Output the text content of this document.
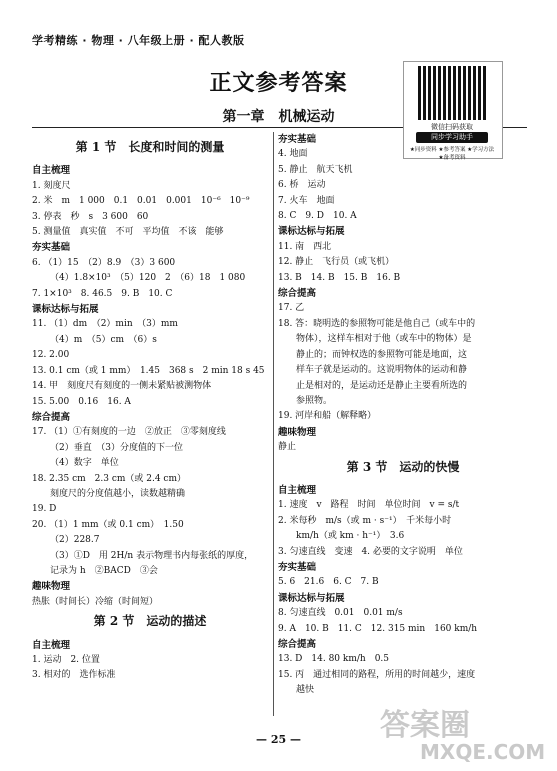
学考精练 · 物理 · 八年级上册 · 配人教版
正文参考答案
第一章　机械运动
微信扫码获取
同步学习助手
★同步资料 ★参考答案 ★学习方法 ★备考资料

第 1 节　长度和时间的测量

自主梳理

1. 刻度尺

2. 米　m　1 000　0.1　0.01　0.001　10⁻⁶　10⁻⁹

3. 停表　秒　s　3 600　60

5. 测量值　真实值　不可　平均值　不该　能够

夯实基础

6. （1）15　（2）8.9　（3）3 600

（4）1.8×10³　（5）120　2　（6）18　1 080

7. 1×10³　8. 46.5　9. B　10. C

课标达标与拓展

11. （1）dm　（2）min　（3）mm

（4）m　（5）cm　（6）s

12. 2.00

13. 0.1 cm（或 1 mm）　1.45　368 s　2 min 18 s 45

14. 甲　刻度尺有刻度的一侧未紧贴被测物体

15. 5.00　0.16　16. A

综合提高

17. （1）①有刻度的一边　②放正　③零刻度线

（2）垂直　（3）分度值的下一位

（4）数字　单位

18. 2.35 cm　2.3 cm（或 2.4 cm）

刻度尺的分度值越小，读数越精确

19. D

20. （1）1 mm（或 0.1 cm）　1.50

（2）228.7

（3）①D　用 2H/n 表示物理书内每张纸的厚度，

记录为 h　②BACD　③会

趣味物理

热胀（时间长）冷缩（时间短）

第 2 节　运动的描述

自主梳理

1. 运动　2. 位置

3. 相对的　选作标准

夯实基础

4. 地面

5. 静止　航天飞机

6. 桥　运动

7. 火车　地面

8. C　9. D　10. A

课标达标与拓展

11. 南　西北

12. 静止　飞行员（或飞机）

13. B　14. B　15. B　16. B

综合提高

17. 乙

18. 答：晓明选的参照物可能是他自己（或车中的

物体），这样车相对于他（或车中的物体）是

静止的；而钟权选的参照物可能是地面，这

样车子就是运动的。这说明物体的运动和静

止是相对的，是运动还是静止主要看所选的

参照物。

19. 河岸和船（解释略）

趣味物理

静止

第 3 节　运动的快慢

自主梳理

1. 速度　v　路程　时间　单位时间　v = s/t

2. 米每秒　m/s（或 m · s⁻¹）　千米每小时

km/h（或 km · h⁻¹）　3.6

3. 匀速直线　变速　4. 必要的文字说明　单位

夯实基础

5. 6　21.6　6. C　7. B

课标达标与拓展

8. 匀速直线　0.01　0.01 m/s

9. A　10. B　11. C　12. 315 min　160 km/h

综合提高

13. D　14. 80 km/h　0.5

15. 丙　通过相同的路程，所用的时间越少，速度

越快

答案圈
MXQE.COM
— 25 —
